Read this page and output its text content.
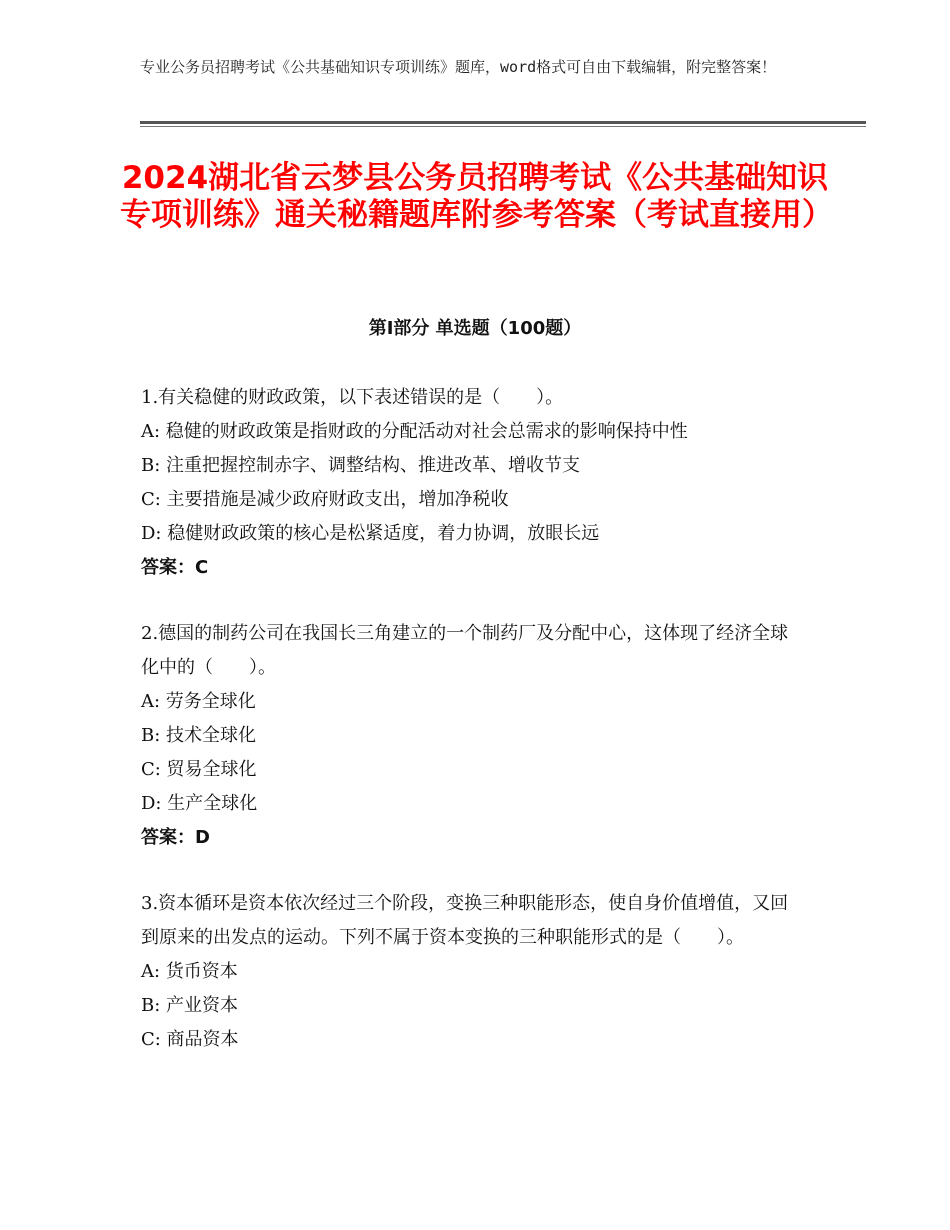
专业公务员招聘考试《公共基础知识专项训练》题库，word格式可自由下载编辑，附完整答案！
2024湖北省云梦县公务员招聘考试《公共基础知识专项训练》通关秘籍题库附参考答案（考试直接用）
第Ⅰ部分 单选题（100题）

1.有关稳健的财政政策，以下表述错误的是（　　）。

A: 稳健的财政政策是指财政的分配活动对社会总需求的影响保持中性

B: 注重把握控制赤字、调整结构、推进改革、增收节支

C: 主要措施是减少政府财政支出，增加净税收

D: 稳健财政政策的核心是松紧适度，着力协调，放眼长远

答案：C

2.德国的制药公司在我国长三角建立的一个制药厂及分配中心，这体现了经济全球化中的（　　）。

A: 劳务全球化

B: 技术全球化

C: 贸易全球化

D: 生产全球化

答案：D

3.资本循环是资本依次经过三个阶段，变换三种职能形态，使自身价值增值，又回到原来的出发点的运动。下列不属于资本变换的三种职能形式的是（　　）。

A: 货币资本

B: 产业资本

C: 商品资本
